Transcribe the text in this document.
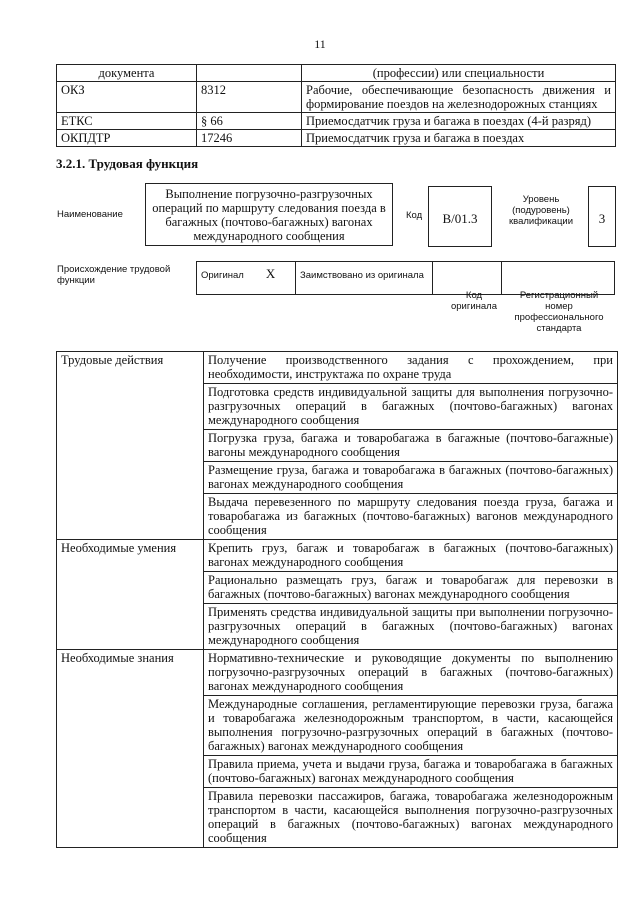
11
документа		(профессии) или специальности
ОКЗ	8312	Рабочие, обеспечивающие безопасность движения и формирование поездов на железнодорожных станциях
ЕТКС	§ 66	Приемосдатчик груза и багажа в поездах (4-й разряд)
ОКПДТР	17246	Приемосдатчик груза и багажа в поездах
3.2.1. Трудовая функция
Наименование
Выполнение погрузочно-разгрузочных операций по маршруту следования поезда в багажных (почтово-багажных) вагонах международного сообщения
Код	B/01.3
Уровень (подуровень) квалификации	3
Происхождение трудовой функции	Оригинал X	Заимствовано из оригинала		
Код оригинала
Регистрационный номер профессионального стандарта
Трудовые действия	Получение производственного задания с прохождением, при необходимости, инструктажа по охране труда
	Подготовка средств индивидуальной защиты для выполнения погрузочно-разгрузочных операций в багажных (почтово-багажных) вагонах международного сообщения
	Погрузка груза, багажа и товаробагажа в багажные (почтово-багажные) вагоны международного сообщения
	Размещение груза, багажа и товаробагажа в багажных (почтово-багажных) вагонах международного сообщения
	Выдача перевезенного по маршруту следования поезда груза, багажа и товаробагажа из багажных (почтово-багажных) вагонов международного сообщения
Необходимые умения	Крепить груз, багаж и товаробагаж в багажных (почтово-багажных) вагонах международного сообщения
	Рационально размещать груз, багаж и товаробагаж для перевозки в багажных (почтово-багажных) вагонах международного сообщения
	Применять средства индивидуальной защиты при выполнении погрузочно-разгрузочных операций в багажных (почтово-багажных) вагонах международного сообщения
Необходимые знания	Нормативно-технические и руководящие документы по выполнению погрузочно-разгрузочных операций в багажных (почтово-багажных) вагонах международного сообщения
	Международные соглашения, регламентирующие перевозки груза, багажа и товаробагажа железнодорожным транспортом, в части, касающейся выполнения погрузочно-разгрузочных операций в багажных (почтово-багажных) вагонах международного сообщения
	Правила приема, учета и выдачи груза, багажа и товаробагажа в багажных (почтово-багажных) вагонах международного сообщения
	Правила перевозки пассажиров, багажа, товаробагажа железнодорожным транспортом в части, касающейся выполнения погрузочно-разгрузочных операций в багажных (почтово-багажных) вагонах международного сообщения
